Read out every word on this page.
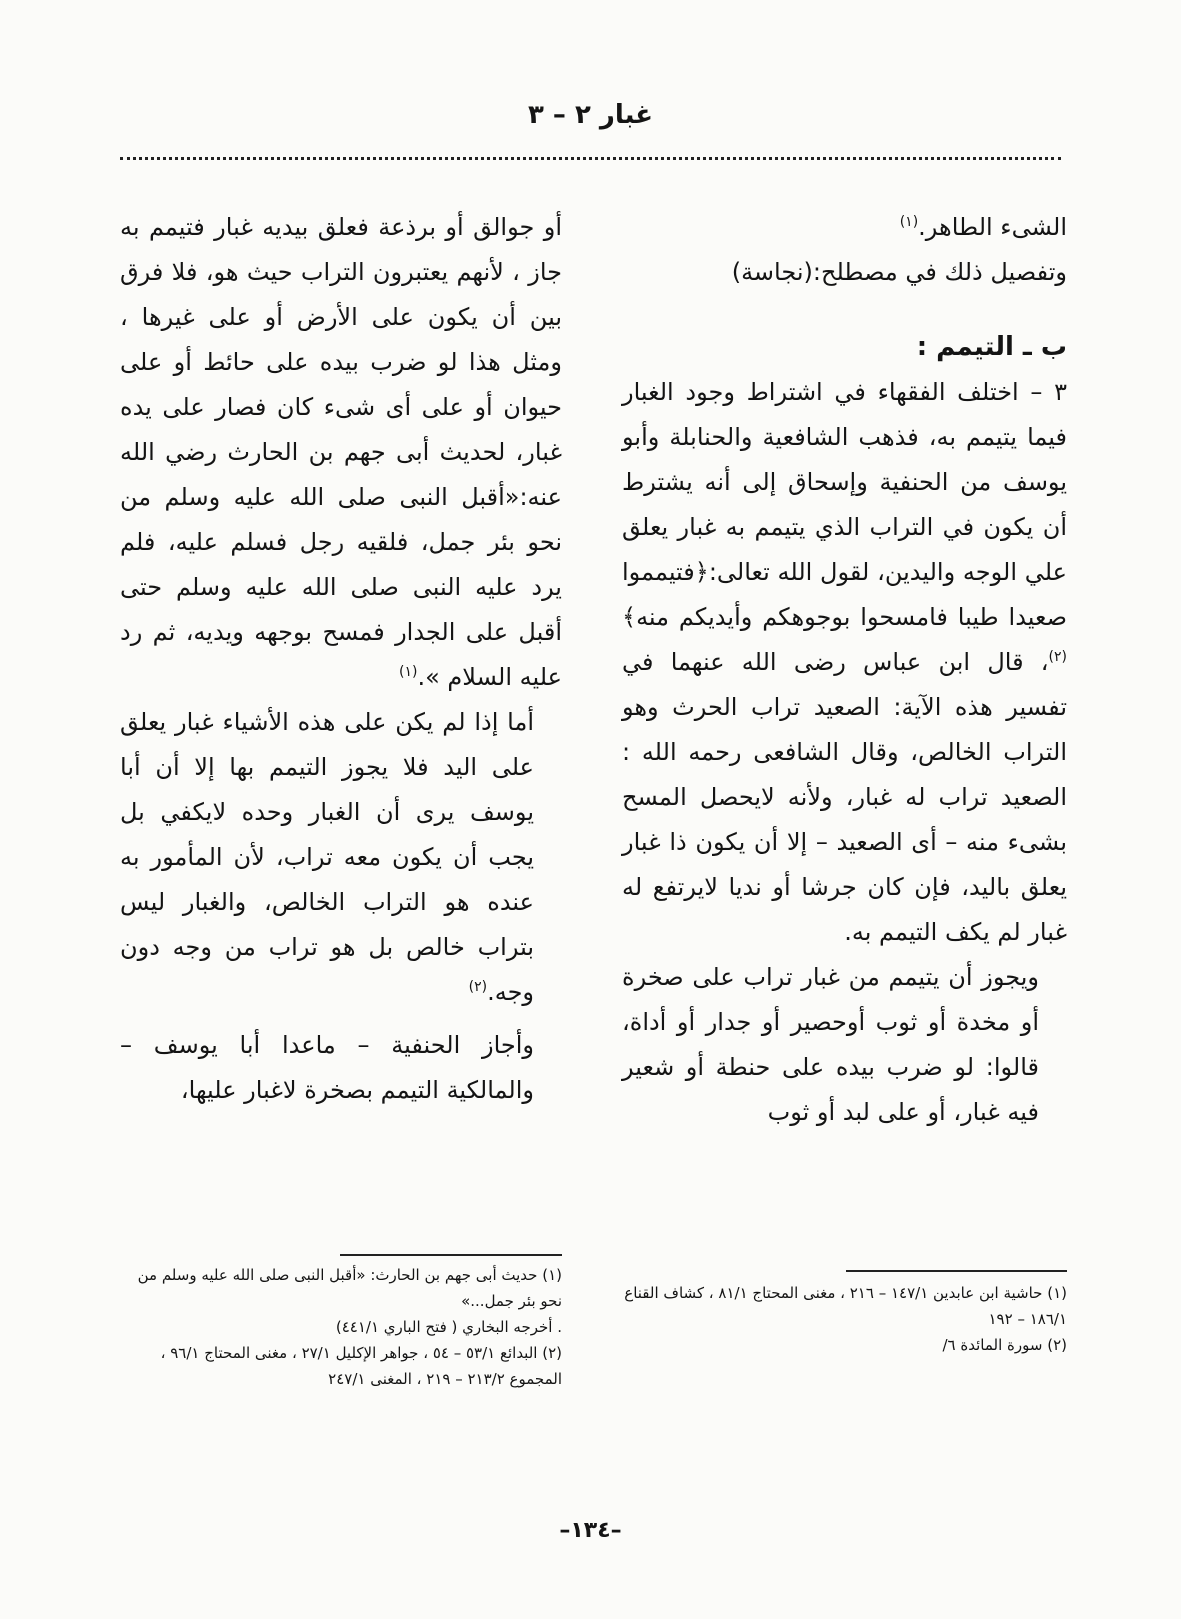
غبار ٢ – ٣

الشىء الطاهر.$^{(١)}$

وتفصيل ذلك في مصطلح:(نجاسة)

ب ـ التيمم :

٣ – اختلف الفقهاء في اشتراط وجود الغبار فيما يتيمم به، فذهب الشافعية والحنابلة وأبو يوسف من الحنفية وإسحاق إلى أنه يشترط أن يكون في التراب الذي يتيمم به غبار يعلق علي الوجه واليدين، لقول الله تعالى:﴿فتيمموا صعيدا طيبا فامسحوا بوجوهكم وأيديكم منه﴾$^{(٢)}$، قال ابن عباس رضى الله عنهما في تفسير هذه الآية: الصعيد تراب الحرث وهو التراب الخالص، وقال الشافعى رحمه الله : الصعيد تراب له غبار، ولأنه لايحصل المسح بشىء منه – أى الصعيد – إلا أن يكون ذا غبار يعلق باليد، فإن كان جرشا أو نديا لايرتفع له غبار لم يكف التيمم به.

ويجوز أن يتيمم من غبار تراب على صخرة أو مخدة أو ثوب أوحصير أو جدار أو أداة، قالوا: لو ضرب بيده على حنطة أو شعير فيه غبار، أو على لبد أو ثوب

أو جوالق أو برذعة فعلق بيديه غبار فتيمم به جاز ، لأنهم يعتبرون التراب حيث هو، فلا فرق بين أن يكون على الأرض أو على غيرها ، ومثل هذا لو ضرب بيده على حائط أو على حيوان أو على أى شىء كان فصار على يده غبار، لحديث أبى جهم بن الحارث رضي الله عنه:«أقبل النبى صلى الله عليه وسلم من نحو بئر جمل، فلقيه رجل فسلم عليه، فلم يرد عليه النبى صلى الله عليه وسلم حتى أقبل على الجدار فمسح بوجهه ويديه، ثم رد عليه السلام ».$^{(١)}$

أما إذا لم يكن على هذه الأشياء غبار يعلق على اليد فلا يجوز التيمم بها إلا أن أبا يوسف يرى أن الغبار وحده لايكفي بل يجب أن يكون معه تراب، لأن المأمور به عنده هو التراب الخالص، والغبار ليس بتراب خالص بل هو تراب من وجه دون وجه.$^{(٢)}$

وأجاز الحنفية – ماعدا أبا يوسف – والمالكية التيمم بصخرة لاغبار عليها،

(١) حاشية ابن عابدين ١٤٧/١ – ٢١٦ ، مغنى المحتاج ٨١/١ ، كشاف القناع ١٨٦/١ – ١٩٢

(٢) سورة المائدة ٦/

(١) حديث أبى جهم بن الحارث: «أقبل النبى صلى الله عليه وسلم من نحو بئر جمل...»

. أخرجه البخاري ( فتح الباري ٤٤١/١)

(٢) البدائع ٥٣/١ – ٥٤ ، جواهر الإكليل ٢٧/١ ، مغنى المحتاج ٩٦/١ ، المجموع ٢١٣/٢ – ٢١٩ ، المغنى ٢٤٧/١

–١٣٤–
